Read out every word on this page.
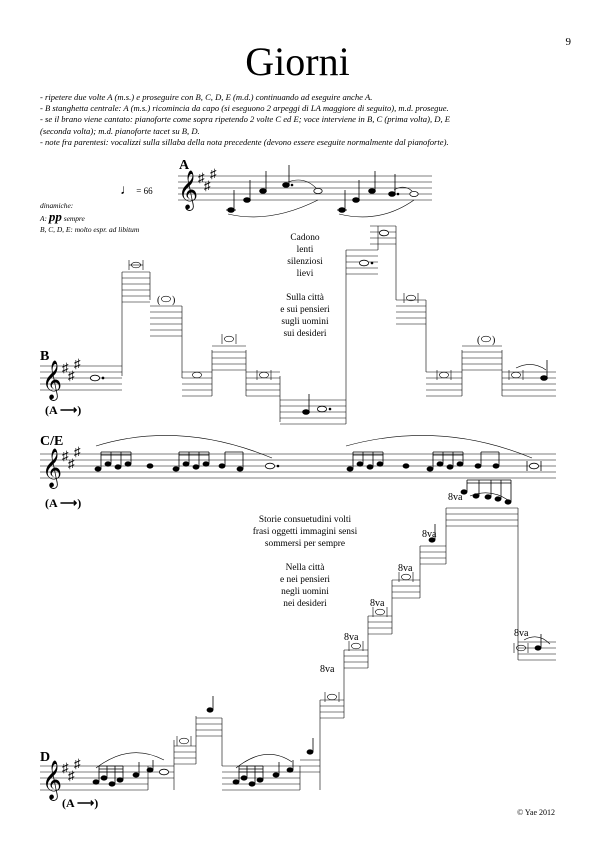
Giorni	9
- ripetere due volte A (m.s.) e proseguire con B, C, D, E (m.d.) continuando ad eseguire anche A.
- B stanghetta centrale: A (m.s.) ricomincia da capo (si eseguono 2 arpeggi di LA maggiore di seguito), m.d. prosegue.
- se il brano viene cantato: pianoforte come sopra ripetendo 2 volte C ed E; voce interviene in B, C (prima volta), D, E
(seconda volta); m.d. pianoforte tacet su B, D.
- note fra parentesi: vocalizzi sulla sillaba della nota precedente (devono essere eseguite normalmente dal pianoforte).
♩ = 66
dinamiche:
A: pp sempre
B, C, D, E: molto espr. ad libitum
A
B
C/E
D
(A ⟶)
(A ⟶)
(A ⟶)
Cadono
lenti
silenziosi
lievi
Sulla città
e sui pensieri
sugli uomini
sui desideri
Storie consuetudini volti
frasi oggetti immagini sensi
sommersi per sempre
Nella città
e nei pensieri
negli uomini
nei desideri
© Yae 2012
𝄞 ♯
♯
♯
𝄞 ♯
♯
♯
( )
( )
𝄞 ♯
♯
♯
𝄞 ♯
♯
♯
8va
8va
8va
8va
8va
8va
8va
